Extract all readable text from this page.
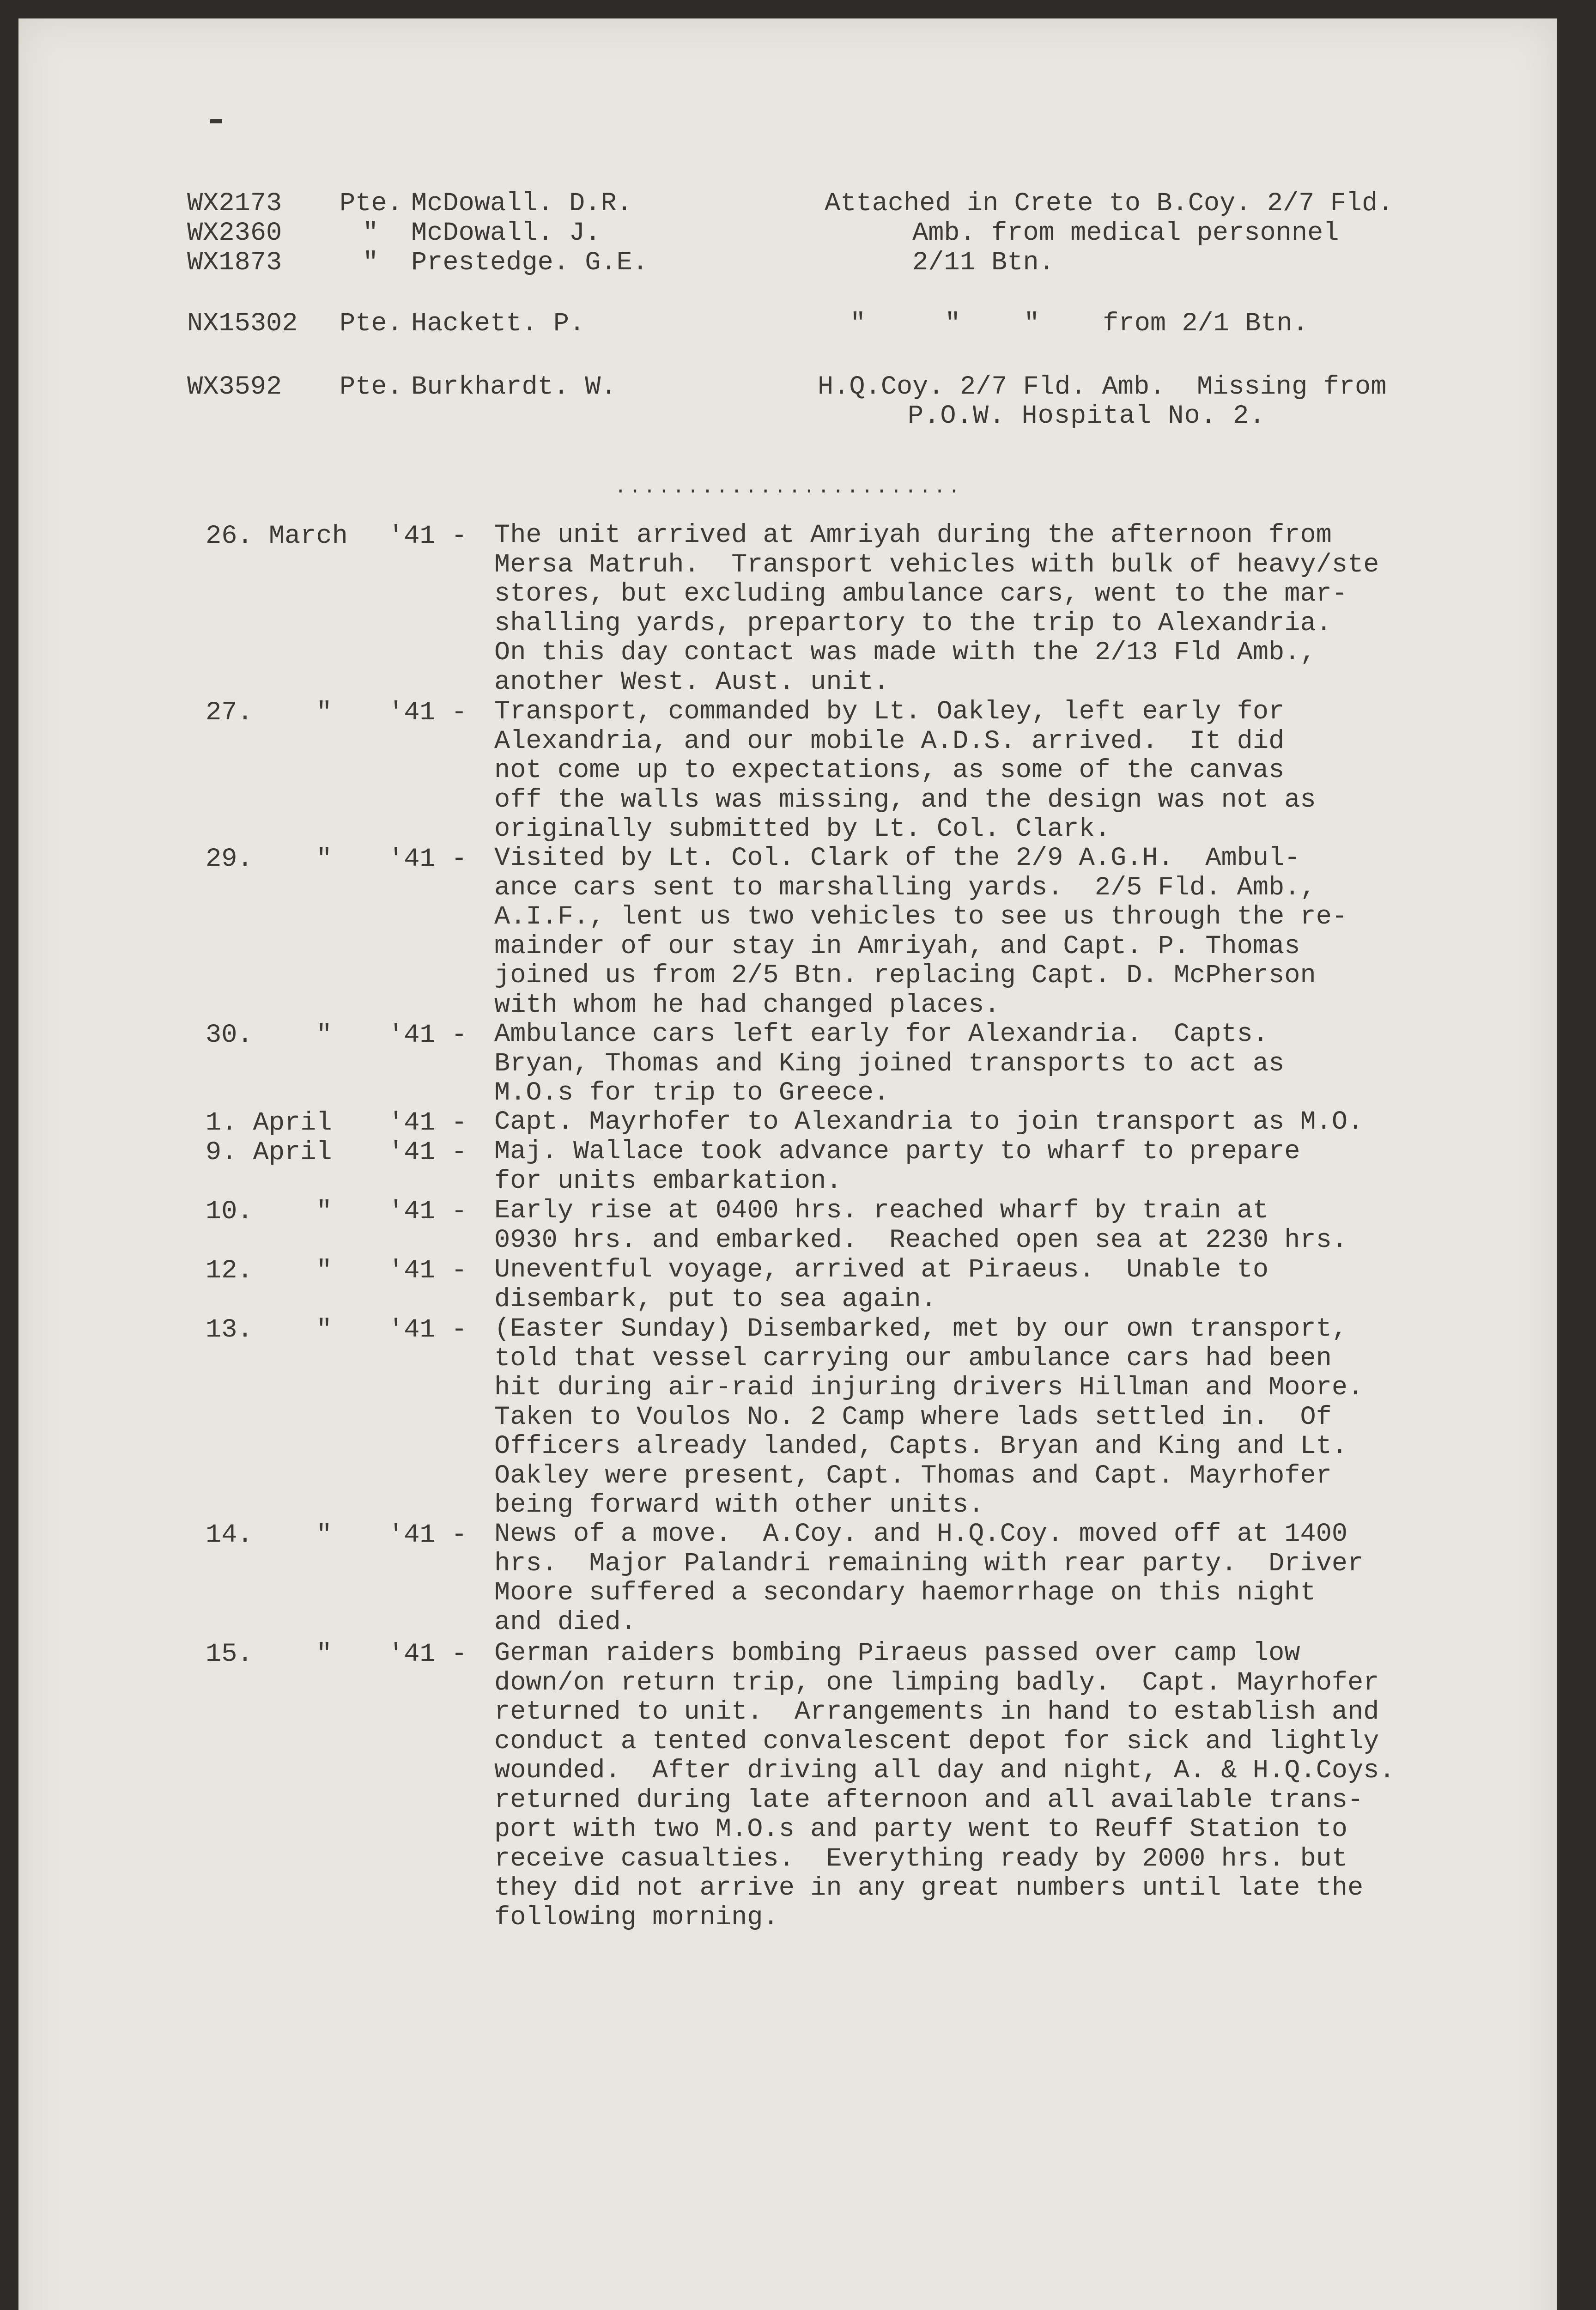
WX2173 Pte. McDowall. D.R.	Attached in Crete to B.Coy. 2/7 Fld.
WX2360	" McDowall. J.	Amb. from medical personnel
WX1873	" Prestedge. G.E.	2/11 Btn.
NX15302 Pte. Hackett. P.	"     "    "    from 2/1 Btn.
WX3592 Pte. Burkhardt. W.	H.Q.Coy. 2/7 Fld. Amb.  Missing from
P.O.W. Hospital No. 2.
........................
26. March '41 - The unit arrived at Amriyah during the afternoon from
Mersa Matruh.  Transport vehicles with bulk of heavy/ste
stores, but excluding ambulance cars, went to the mar-
shalling yards, prepartory to the trip to Alexandria.
On this day contact was made with the 2/13 Fld Amb.,
another West. Aust. unit.
27.    " '41 - Transport, commanded by Lt. Oakley, left early for
Alexandria, and our mobile A.D.S. arrived.  It did
not come up to expectations, as some of the canvas
off the walls was missing, and the design was not as
originally submitted by Lt. Col. Clark.
29.    " '41 - Visited by Lt. Col. Clark of the 2/9 A.G.H.  Ambul-
ance cars sent to marshalling yards.  2/5 Fld. Amb.,
A.I.F., lent us two vehicles to see us through the re-
mainder of our stay in Amriyah, and Capt. P. Thomas
joined us from 2/5 Btn. replacing Capt. D. McPherson
with whom he had changed places.
30.    " '41 - Ambulance cars left early for Alexandria.  Capts.
Bryan, Thomas and King joined transports to act as
M.O.s for trip to Greece.
1. April '41 - Capt. Mayrhofer to Alexandria to join transport as M.O.
9. April '41 - Maj. Wallace took advance party to wharf to prepare
for units embarkation.
10.    " '41 - Early rise at 0400 hrs. reached wharf by train at
0930 hrs. and embarked.  Reached open sea at 2230 hrs.
12.    " '41 - Uneventful voyage, arrived at Piraeus.  Unable to
disembark, put to sea again.
13.    " '41 - (Easter Sunday) Disembarked, met by our own transport,
told that vessel carrying our ambulance cars had been
hit during air-raid injuring drivers Hillman and Moore.
Taken to Voulos No. 2 Camp where lads settled in.  Of
Officers already landed, Capts. Bryan and King and Lt.
Oakley were present, Capt. Thomas and Capt. Mayrhofer
being forward with other units.
14.    " '41 - News of a move.  A.Coy. and H.Q.Coy. moved off at 1400
hrs.  Major Palandri remaining with rear party.  Driver
Moore suffered a secondary haemorrhage on this night
and died.
15.    " '41 - German raiders bombing Piraeus passed over camp low
down/on return trip, one limping badly.  Capt. Mayrhofer
returned to unit.  Arrangements in hand to establish and
conduct a tented convalescent depot for sick and lightly
wounded.  After driving all day and night, A. & H.Q.Coys.
returned during late afternoon and all available trans-
port with two M.O.s and party went to Reuff Station to
receive casualties.  Everything ready by 2000 hrs. but
they did not arrive in any great numbers until late the
following morning.
